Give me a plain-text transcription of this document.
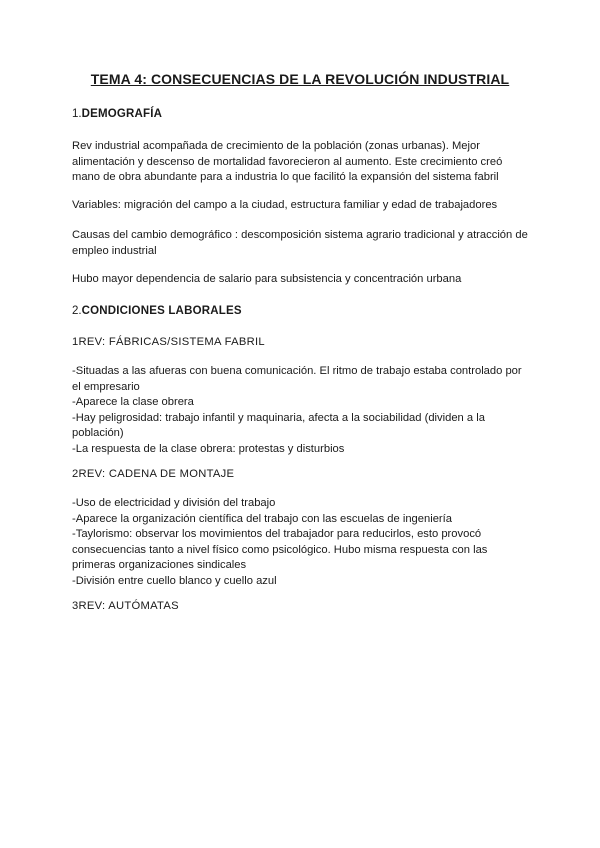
TEMA 4: CONSECUENCIAS DE LA REVOLUCIÓN INDUSTRIAL
1.DEMOGRAFÍA

Rev industrial acompañada de crecimiento de la población (zonas urbanas). Mejor alimentación y descenso de mortalidad favorecieron al aumento. Este crecimiento creó mano de obra abundante para a industria lo que facilitó la expansión del sistema fabril

Variables: migración del campo a la ciudad, estructura familiar y edad de trabajadores

Causas del cambio demográfico : descomposición sistema agrario tradicional y atracción de empleo industrial

Hubo mayor dependencia de salario para subsistencia y concentración urbana

2.CONDICIONES LABORALES

1REV: FÁBRICAS/SISTEMA FABRIL

-Situadas a las afueras con buena comunicación. El ritmo de trabajo estaba controlado por el empresario

-Aparece la clase obrera

-Hay peligrosidad: trabajo infantil y maquinaria, afecta a la sociabilidad (dividen a la población)

-La respuesta de la clase obrera: protestas y disturbios

2REV: CADENA DE MONTAJE

-Uso de electricidad y división del trabajo

-Aparece la organización científica del trabajo con las escuelas de ingeniería

-Taylorismo: observar los movimientos del trabajador para reducirlos, esto provocó consecuencias tanto a nivel físico como psicológico. Hubo misma respuesta con las primeras organizaciones sindicales

-División entre cuello blanco y cuello azul

3REV: AUTÓMATAS
